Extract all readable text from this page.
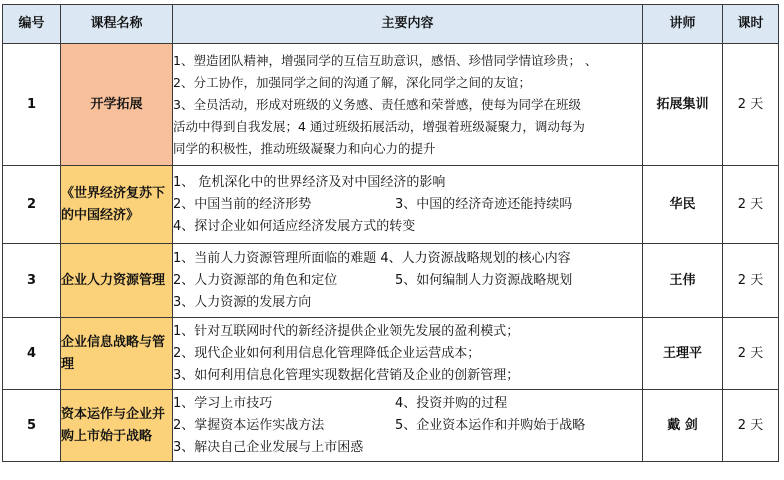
编号	课程名称	主要内容	讲师	课时
1	开学拓展	1、塑造团队精神，增强同学的互信互助意识，感悟、珍惜同学情谊珍贵； 、
2、分工协作，加强同学之间的沟通了解，深化同学之间的友谊；
3、全员活动，形成对班级的义务感、责任感和荣誉感，使每为同学在班级
活动中得到自我发展；4 通过班级拓展活动，增强着班级凝聚力，调动每为
同学的积极性，推动班级凝聚力和向心力的提升	拓展集训	2 天
2	《世界经济复苏下的中国经济》	1、 危机深化中的世界经济及对中国经济的影响
2、中国当前的经济形势 3、中国的经济奇迹还能持续吗
4、探讨企业如何适应经济发展方式的转变	华民	2 天
3	企业人力资源管理	1、当前人力资源管理所面临的难题 4、人力资源战略规划的核心内容
2、人力资源部的角色和定位 5、如何编制人力资源战略规划
3、人力资源的发展方向	王伟	2 天
4	企业信息战略与管理	1、针对互联网时代的新经济提供企业领先发展的盈利模式；
2、现代企业如何利用信息化管理降低企业运营成本；
3、如何利用信息化管理实现数据化营销及企业的创新管理；	王理平	2 天
5	资本运作与企业并购上市始于战略	1、学习上市技巧 4、投资并购的过程
2、掌握资本运作实战方法 5、企业资本运作和并购始于战略
3、解决自己企业发展与上市困惑	戴 剑	2 天
